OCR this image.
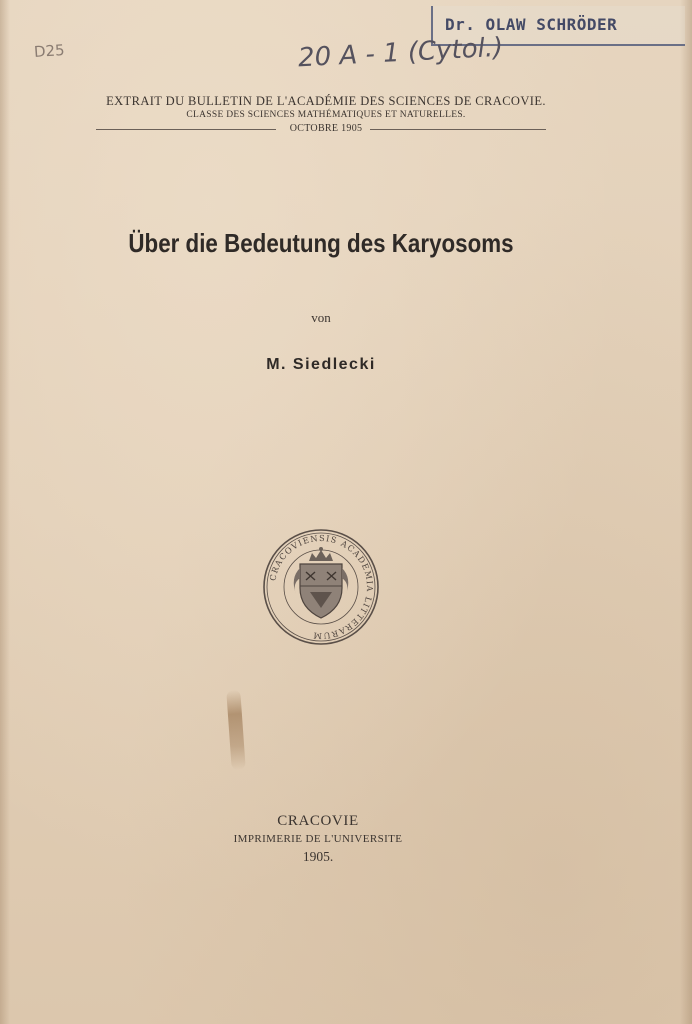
Dr. OLAW SCHRÖDER
D25	20 A - 1 (Cytol.)
EXTRAIT DU BULLETIN DE L'ACADÉMIE DES SCIENCES DE CRACOVIE.
CLASSE DES SCIENCES MATHÉMATIQUES ET NATURELLES.
OCTOBRE 1905
Über die Bedeutung des Karyosoms
von
M. Siedlecki
CRACOVIENSIS ACADEMIA LITTERARUM
CRACOVIE
IMPRIMERIE DE L'UNIVERSITE
1905.
